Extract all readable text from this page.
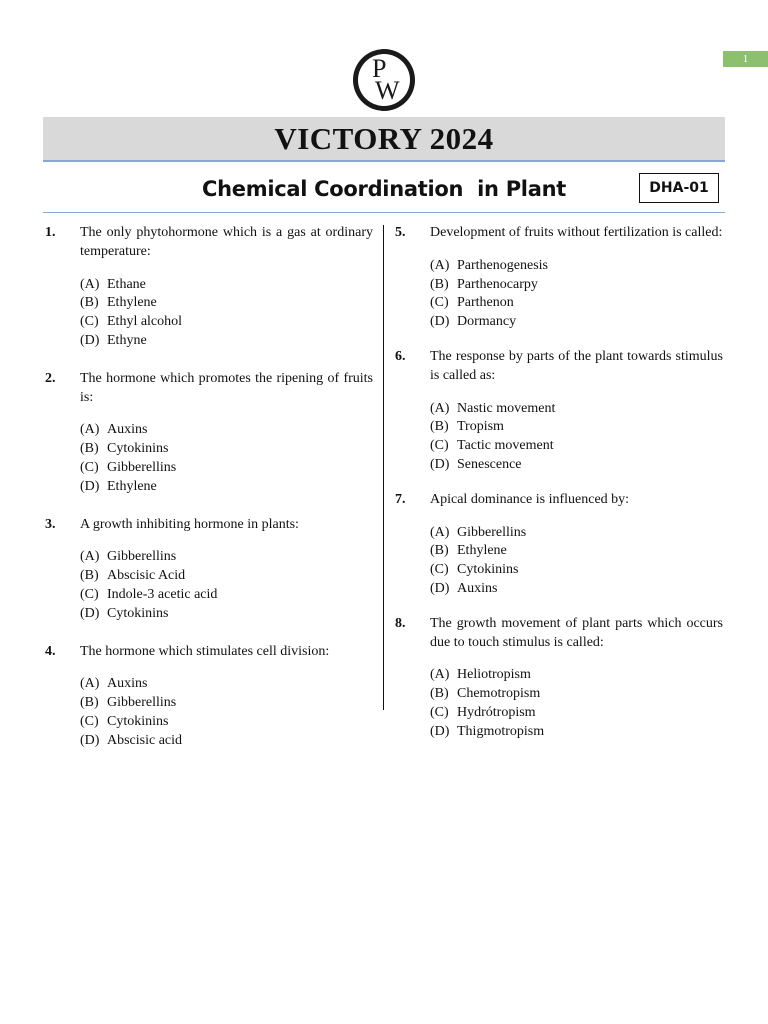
1
P
W
VICTORY 2024
Chemical Coordination  in Plant	DHA-01
1. The only phytohormone which is a gas at ordinary temperature:
(A) Ethane
(B) Ethylene
(C) Ethyl alcohol
(D) Ethyne
2. The hormone which promotes the ripening of fruits is:
(A) Auxins
(B) Cytokinins
(C) Gibberellins
(D) Ethylene
3. A growth inhibiting hormone in plants:
(A) Gibberellins
(B) Abscisic Acid
(C) Indole-3 acetic acid
(D) Cytokinins
4. The hormone which stimulates cell division:
(A) Auxins
(B) Gibberellins
(C) Cytokinins
(D) Abscisic acid
5. Development of fruits without fertilization is called:
(A) Parthenogenesis
(B) Parthenocarpy
(C) Parthenon
(D) Dormancy
6. The response by parts of the plant towards stimulus is called as:
(A) Nastic movement
(B) Tropism
(C) Tactic movement
(D) Senescence
7. Apical dominance is influenced by:
(A) Gibberellins
(B) Ethylene
(C) Cytokinins
(D) Auxins
8. The growth movement of plant parts which occurs due to touch stimulus is called:
(A) Heliotropism
(B) Chemotropism
(C) Hydrótropism
(D) Thigmotropism
